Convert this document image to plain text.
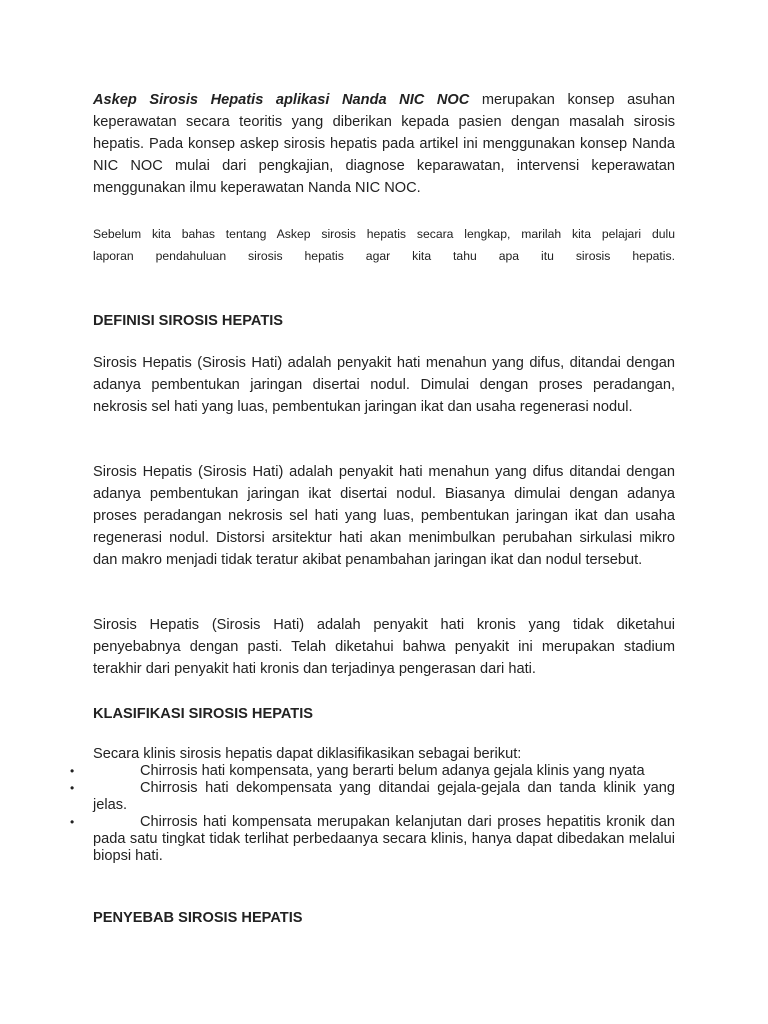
Askep Sirosis Hepatis aplikasi Nanda NIC NOC merupakan konsep asuhan keperawatan secara teoritis yang diberikan kepada pasien dengan masalah sirosis hepatis. Pada konsep askep sirosis hepatis pada artikel ini menggunakan konsep Nanda NIC NOC mulai dari pengkajian, diagnose keparawatan, intervensi keperawatan menggunakan ilmu keperawatan Nanda NIC NOC.

Sebelum kita bahas tentang Askep sirosis hepatis secara lengkap, marilah kita pelajari dulu
laporan pendahuluan sirosis hepatis agar kita tahu apa itu sirosis hepatis.

DEFINISI SIROSIS HEPATIS

Sirosis Hepatis (Sirosis Hati) adalah penyakit hati menahun yang difus, ditandai dengan adanya pembentukan jaringan disertai nodul. Dimulai dengan proses peradangan, nekrosis sel hati yang luas, pembentukan jaringan ikat dan usaha regenerasi nodul.

Sirosis Hepatis (Sirosis Hati) adalah penyakit hati menahun yang difus ditandai dengan adanya pembentukan jaringan ikat disertai nodul. Biasanya dimulai dengan adanya proses peradangan nekrosis sel hati yang luas, pembentukan jaringan ikat dan usaha regenerasi nodul. Distorsi arsitektur hati akan menimbulkan perubahan sirkulasi mikro dan makro menjadi tidak teratur akibat penambahan jaringan ikat dan nodul tersebut.

Sirosis Hepatis (Sirosis Hati) adalah penyakit hati kronis yang tidak diketahui penyebabnya dengan pasti. Telah diketahui bahwa penyakit ini merupakan stadium terakhir dari penyakit hati kronis dan terjadinya pengerasan dari hati.

KLASIFIKASI SIROSIS HEPATIS

Secara klinis sirosis hepatis dapat diklasifikasikan sebagai berikut:

•	Chirrosis hati kompensata, yang berarti belum adanya gejala klinis yang nyata
•	Chirrosis hati dekompensata yang ditandai gejala-gejala dan tanda klinik yang jelas.
•	Chirrosis hati kompensata merupakan kelanjutan dari proses hepatitis kronik dan pada satu tingkat tidak terlihat perbedaanya secara klinis, hanya dapat dibedakan melalui biopsi hati.
PENYEBAB SIROSIS HEPATIS
